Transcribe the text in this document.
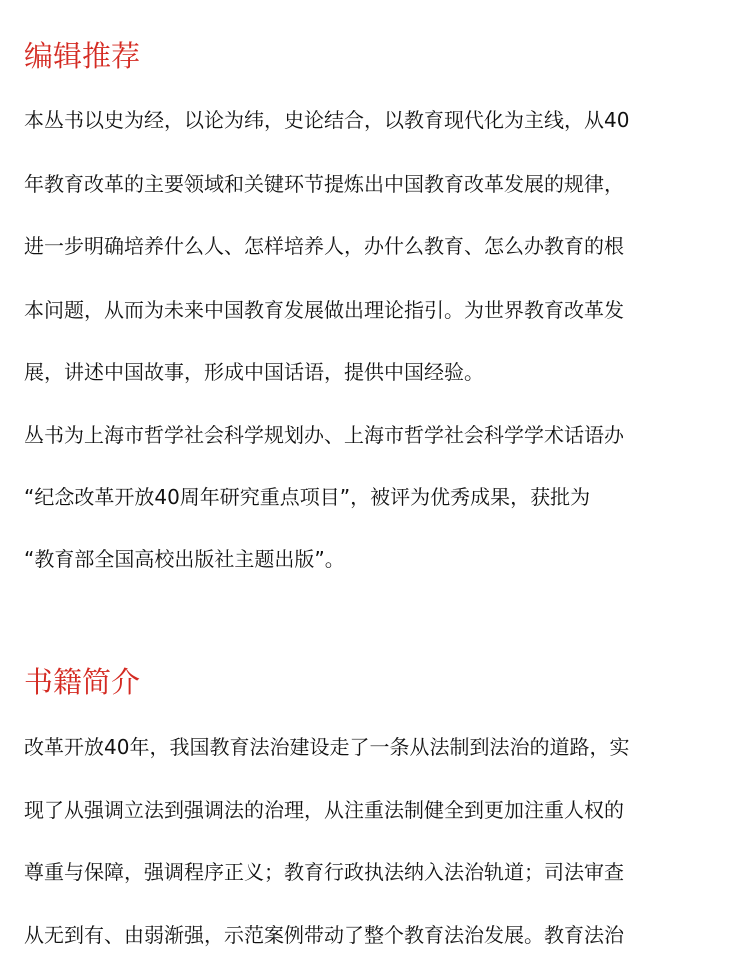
编辑推荐

本丛书以史为经，以论为纬，史论结合，以教育现代化为主线，从40

年教育改革的主要领域和关键环节提炼出中国教育改革发展的规律，

进一步明确培养什么人、怎样培养人，办什么教育、怎么办教育的根

本问题，从而为未来中国教育发展做出理论指引。为世界教育改革发

展，讲述中国故事，形成中国话语，提供中国经验。

丛书为上海市哲学社会科学规划办、上海市哲学社会科学学术话语办

“纪念改革开放40周年研究重点项目”，被评为优秀成果，获批为

“教育部全国高校出版社主题出版”。

书籍简介

改革开放40年，我国教育法治建设走了一条从法制到法治的道路，实

现了从强调立法到强调法的治理，从注重法制健全到更加注重人权的

尊重与保障，强调程序正义；教育行政执法纳入法治轨道；司法审查

从无到有、由弱渐强，示范案例带动了整个教育法治发展。教育法治
